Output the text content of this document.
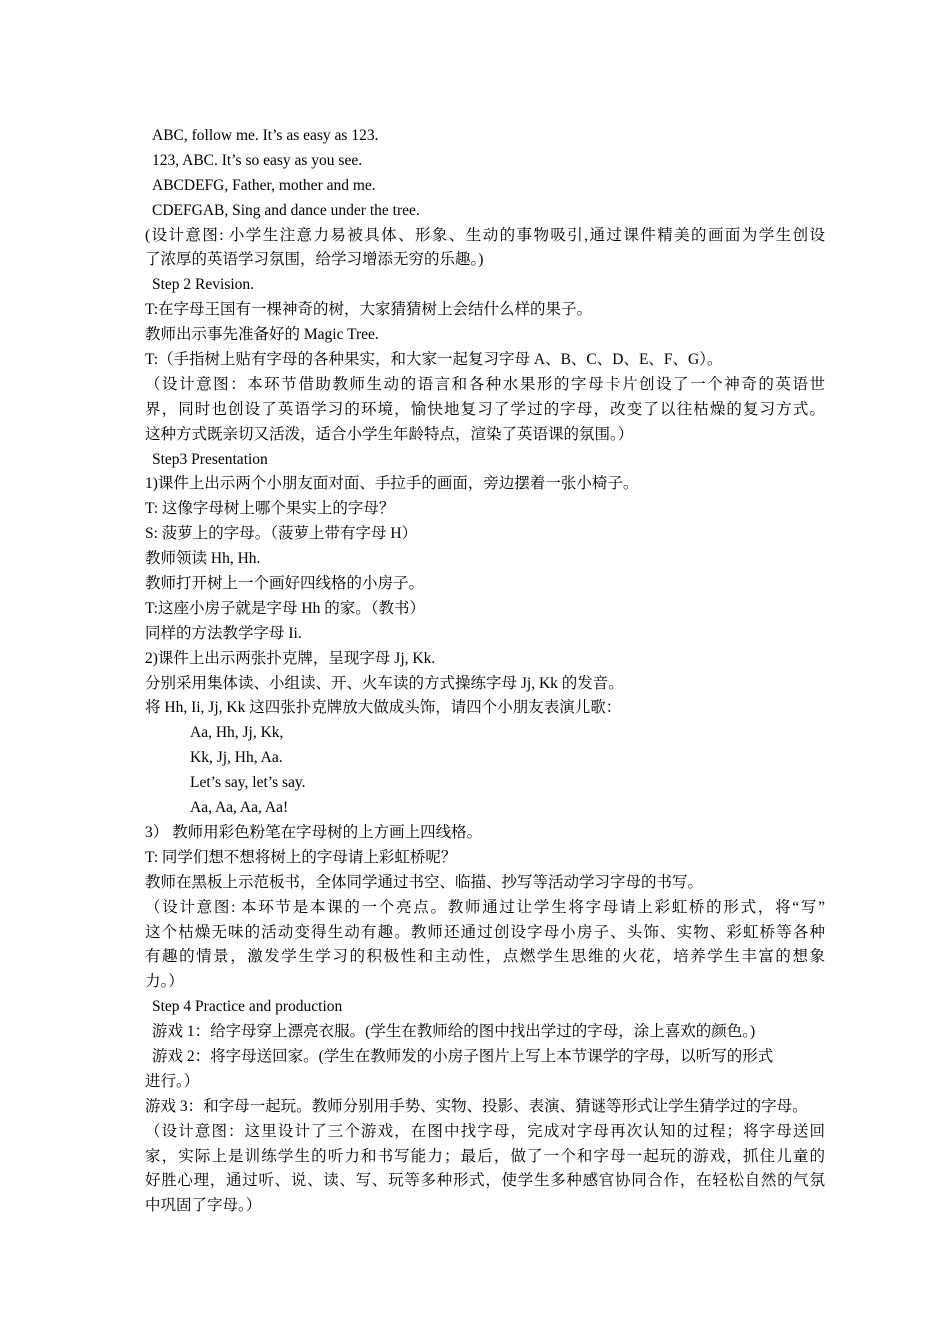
ABC, follow me. It’s as easy as 123.
123, ABC. It’s so easy as you see.
ABCDEFG, Father, mother and me.
CDEFGAB, Sing and dance under the tree.
(设计意图: 小学生注意力易被具体、形象、生动的事物吸引,通过课件精美的画面为学生创设
了浓厚的英语学习氛围，给学习增添无穷的乐趣。)
Step 2 Revision.
T:在字母王国有一棵神奇的树，大家猜猜树上会结什么样的果子。
教师出示事先准备好的 Magic Tree.
T:（手指树上贴有字母的各种果实，和大家一起复习字母 A、B、C、D、E、F、G）。
（设计意图：本环节借助教师生动的语言和各种水果形的字母卡片创设了一个神奇的英语世
界，同时也创设了英语学习的环境，愉快地复习了学过的字母，改变了以往枯燥的复习方式。
这种方式既亲切又活泼，适合小学生年龄特点，渲染了英语课的氛围。）
Step3 Presentation
1)课件上出示两个小朋友面对面、手拉手的画面，旁边摆着一张小椅子。
T: 这像字母树上哪个果实上的字母？
S: 菠萝上的字母。（菠萝上带有字母 H）
教师领读 Hh, Hh.
教师打开树上一个画好四线格的小房子。
T:这座小房子就是字母 Hh 的家。（教书）
同样的方法教学字母 Ii.
2)课件上出示两张扑克牌，呈现字母 Jj, Kk.
分别采用集体读、小组读、开、火车读的方式操练字母 Jj, Kk 的发音。
将 Hh, Ii, Jj, Kk 这四张扑克牌放大做成头饰，请四个小朋友表演儿歌：
Aa, Hh, Jj, Kk,
Kk, Jj, Hh, Aa.
Let’s say, let’s say.
Aa, Aa, Aa, Aa!
3） 教师用彩色粉笔在字母树的上方画上四线格。
T: 同学们想不想将树上的字母请上彩虹桥呢？
教师在黑板上示范板书，全体同学通过书空、临描、抄写等活动学习字母的书写。
（设计意图: 本环节是本课的一个亮点。教师通过让学生将字母请上彩虹桥的形式，将“写”
这个枯燥无味的活动变得生动有趣。教师还通过创设字母小房子、头饰、实物、彩虹桥等各种
有趣的情景，激发学生学习的积极性和主动性，点燃学生思维的火花，培养学生丰富的想象
力。）
Step 4 Practice and production
游戏 1：给字母穿上漂亮衣服。(学生在教师给的图中找出学过的字母，涂上喜欢的颜色。)
游戏 2：将字母送回家。(学生在教师发的小房子图片上写上本节课学的字母，以听写的形式
进行。）
游戏 3：和字母一起玩。教师分别用手势、实物、投影、表演、猜谜等形式让学生猜学过的字母。
（设计意图：这里设计了三个游戏，在图中找字母，完成对字母再次认知的过程；将字母送回
家，实际上是训练学生的听力和书写能力；最后，做了一个和字母一起玩的游戏，抓住儿童的
好胜心理，通过听、说、读、写、玩等多种形式，使学生多种感官协同合作，在轻松自然的气氛
中巩固了字母。）
